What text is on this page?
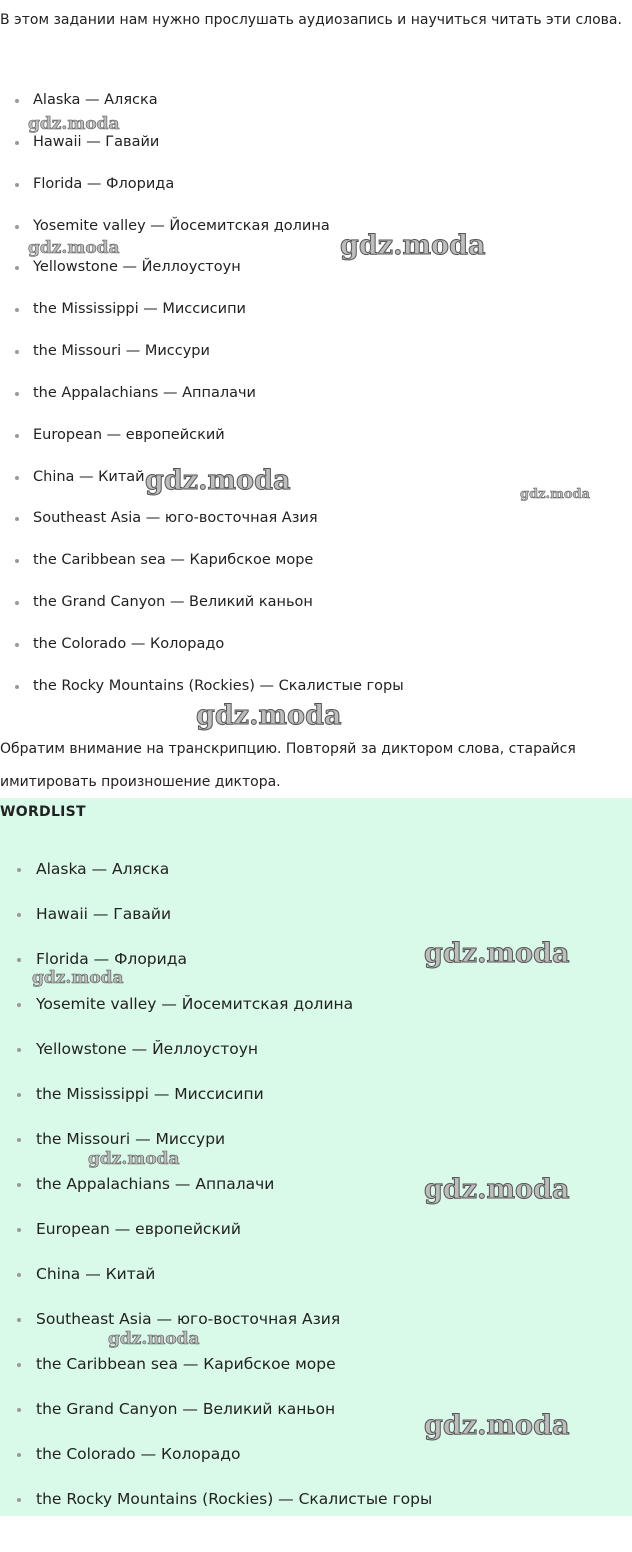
В этом задании нам нужно прослушать аудиозапись и научиться читать эти слова.

Alaska — Аляска
Hawaii — Гавайи
Florida — Флорида
Yosemite valley — Йосемитская долина
Yellowstone — Йеллоустоун
the Mississippi — Миссисипи
the Missouri — Миссури
the Appalachians — Аппалачи
European — европейский
China — Китай
Southeast Asia — юго-восточная Азия
the Caribbean sea — Карибское море
the Grand Canyon — Великий каньон
the Colorado — Колорадо
the Rocky Mountains (Rockies) — Скалистые горы

Обратим внимание на транскрипцию. Повторяй за диктором слова, старайся имитировать произношение диктора.

WORDLIST
Alaska — Аляска
Hawaii — Гавайи
Florida — Флорида
Yosemite valley — Йосемитская долина
Yellowstone — Йеллоустоун
the Mississippi — Миссисипи
the Missouri — Миссури
the Appalachians — Аппалачи
European — европейский
China — Китай
Southeast Asia — юго-восточная Азия
the Caribbean sea — Карибское море
the Grand Canyon — Великий каньон
the Colorado — Колорадо
the Rocky Mountains (Rockies) — Скалистые горы
gdz.moda
gdz.moda	gdz.moda
gdz.moda	gdz.moda
gdz.moda
gdz.moda
gdz.moda
gdz.moda
gdz.moda
gdz.moda
gdz.moda
